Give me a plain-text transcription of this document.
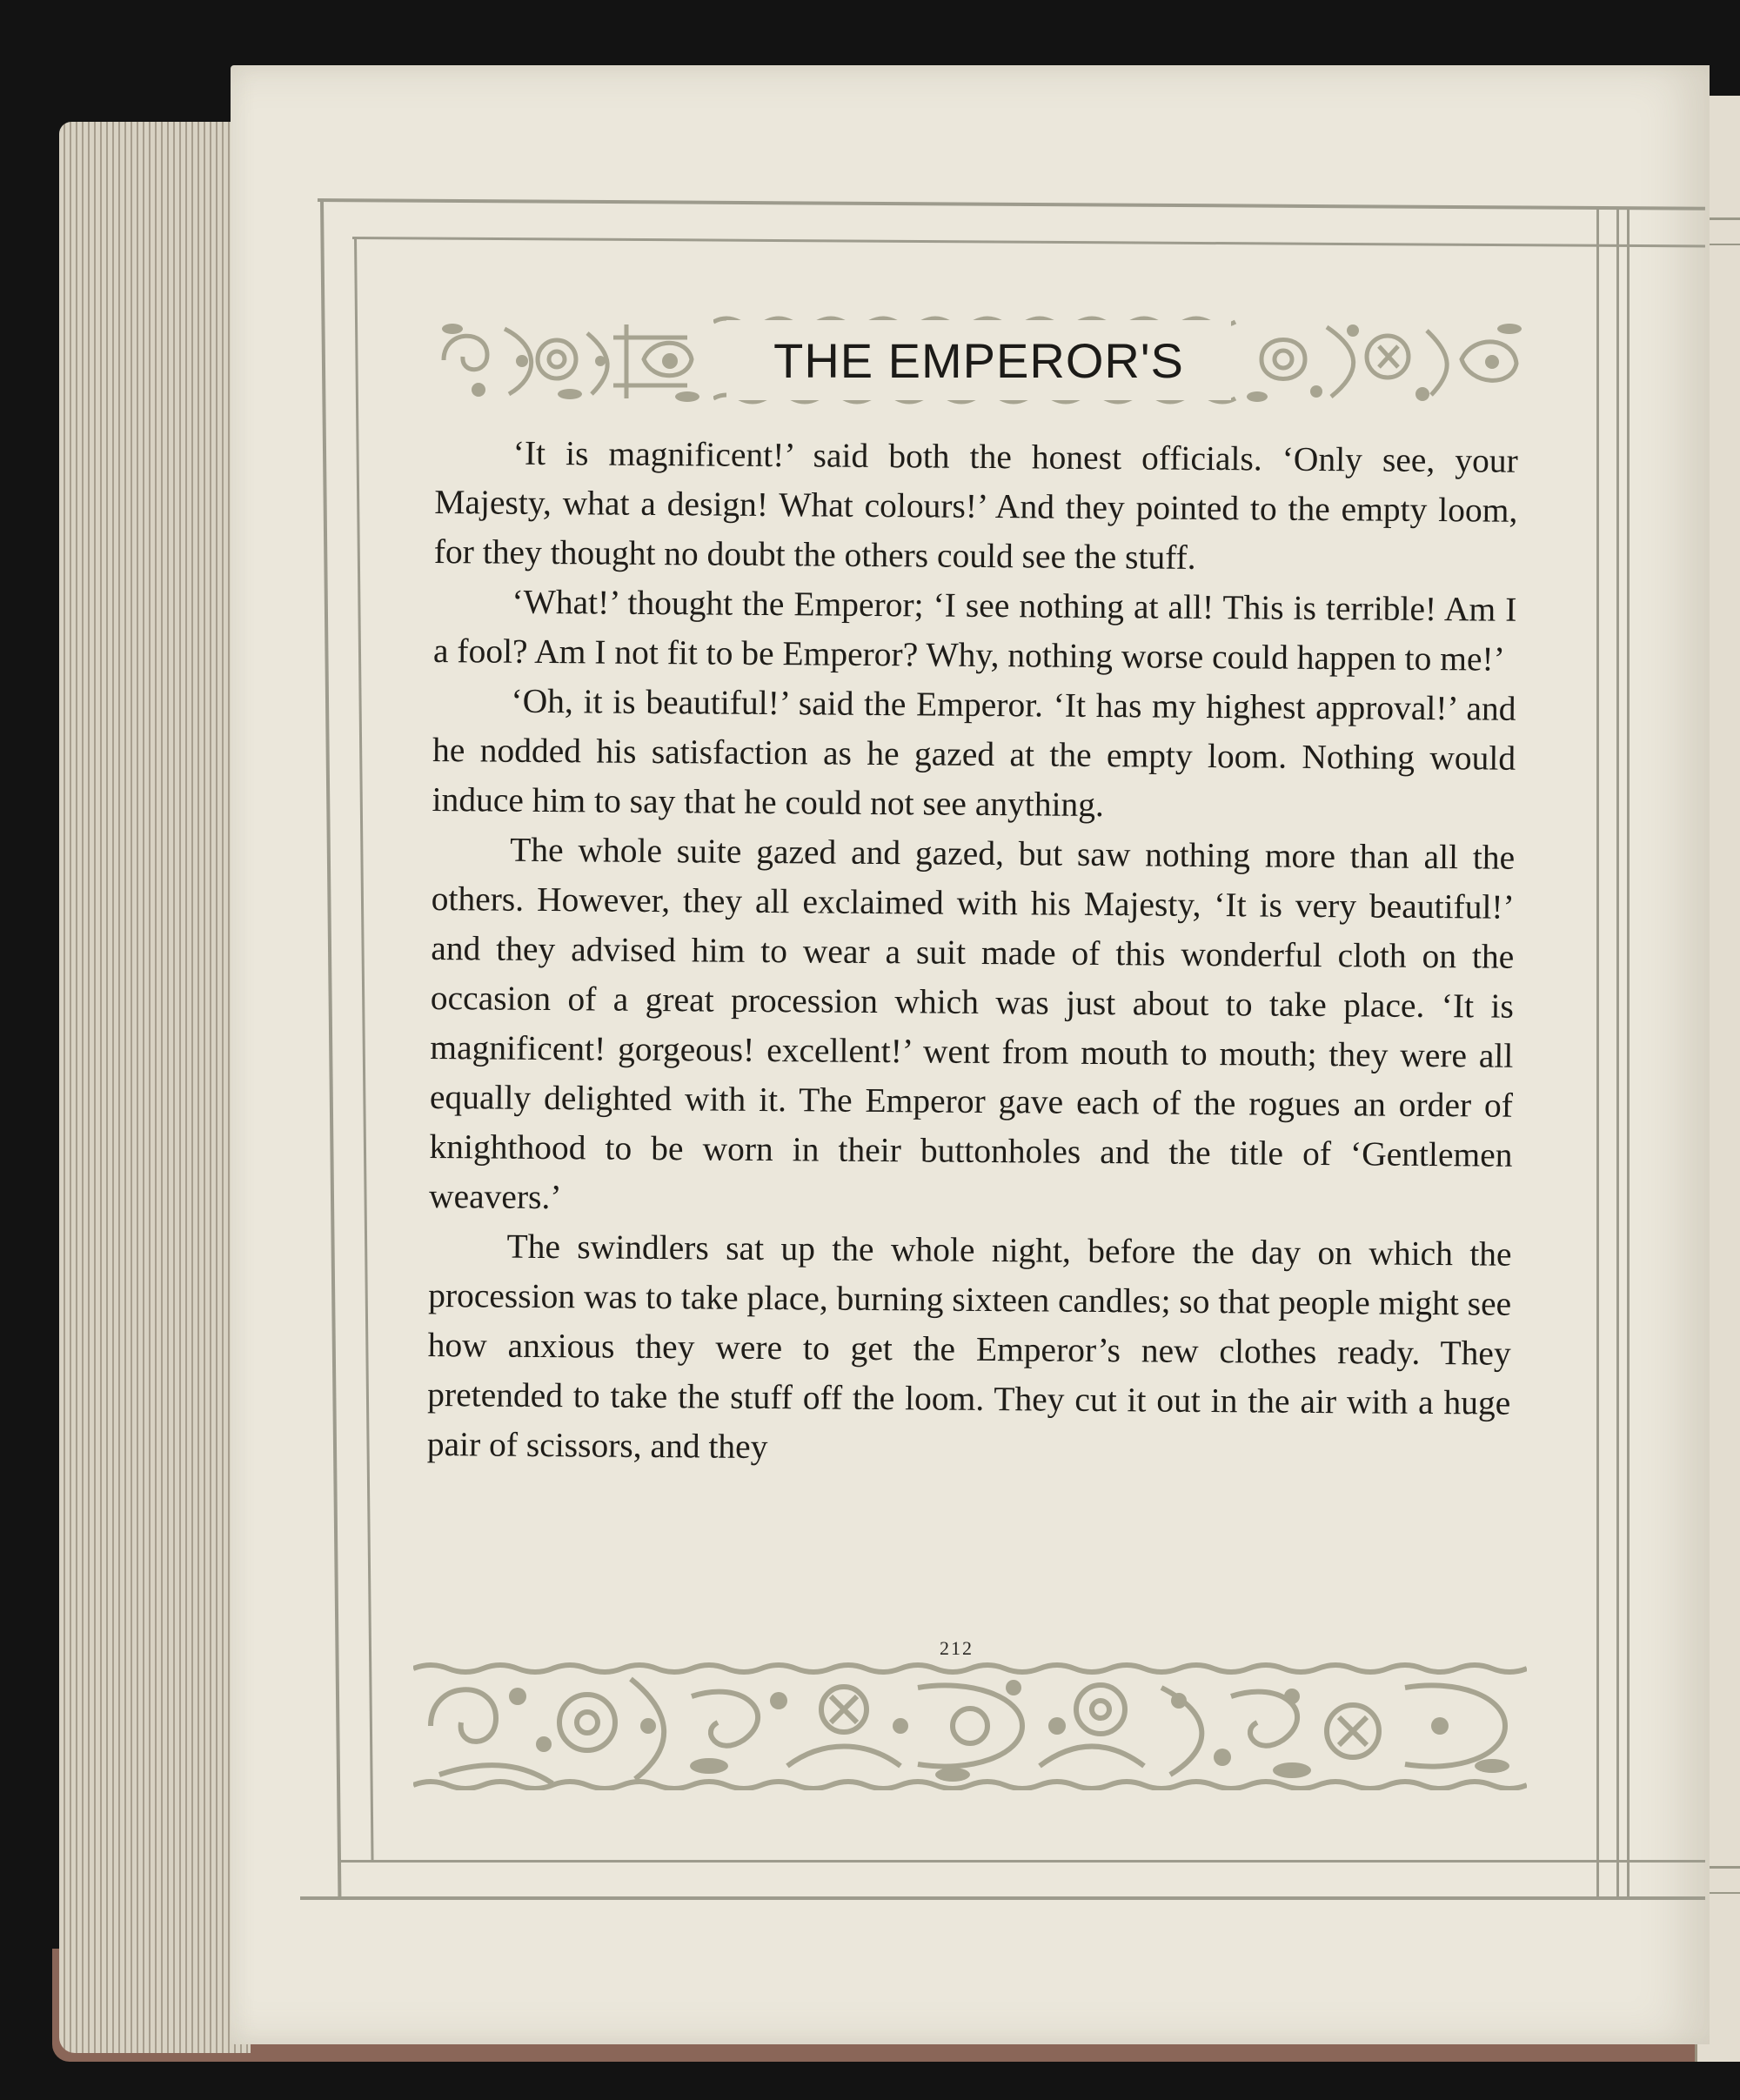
THE EMPEROR'S

‘It is magnificent!’ said both the honest officials. ‘Only see, your Majesty, what a design! What colours!’ And they pointed to the empty loom, for they thought no doubt the others could see the stuff.

‘What!’ thought the Emperor; ‘I see nothing at all! This is terrible! Am I a fool? Am I not fit to be Emperor? Why, nothing worse could happen to me!’

‘Oh, it is beautiful!’ said the Emperor. ‘It has my highest approval!’ and he nodded his satisfaction as he gazed at the empty loom. Nothing would induce him to say that he could not see anything.

The whole suite gazed and gazed, but saw nothing more than all the others. However, they all exclaimed with his Majesty, ‘It is very beautiful!’ and they advised him to wear a suit made of this wonderful cloth on the occasion of a great procession which was just about to take place. ‘It is magnificent! gorgeous! excellent!’ went from mouth to mouth; they were all equally delighted with it. The Emperor gave each of the rogues an order of knighthood to be worn in their buttonholes and the title of ‘Gentlemen weavers.’

The swindlers sat up the whole night, before the day on which the procession was to take place, burning sixteen candles; so that people might see how anxious they were to get the Emperor’s new clothes ready. They pretended to take the stuff off the loom. They cut it out in the air with a huge pair of scissors, and they

212
